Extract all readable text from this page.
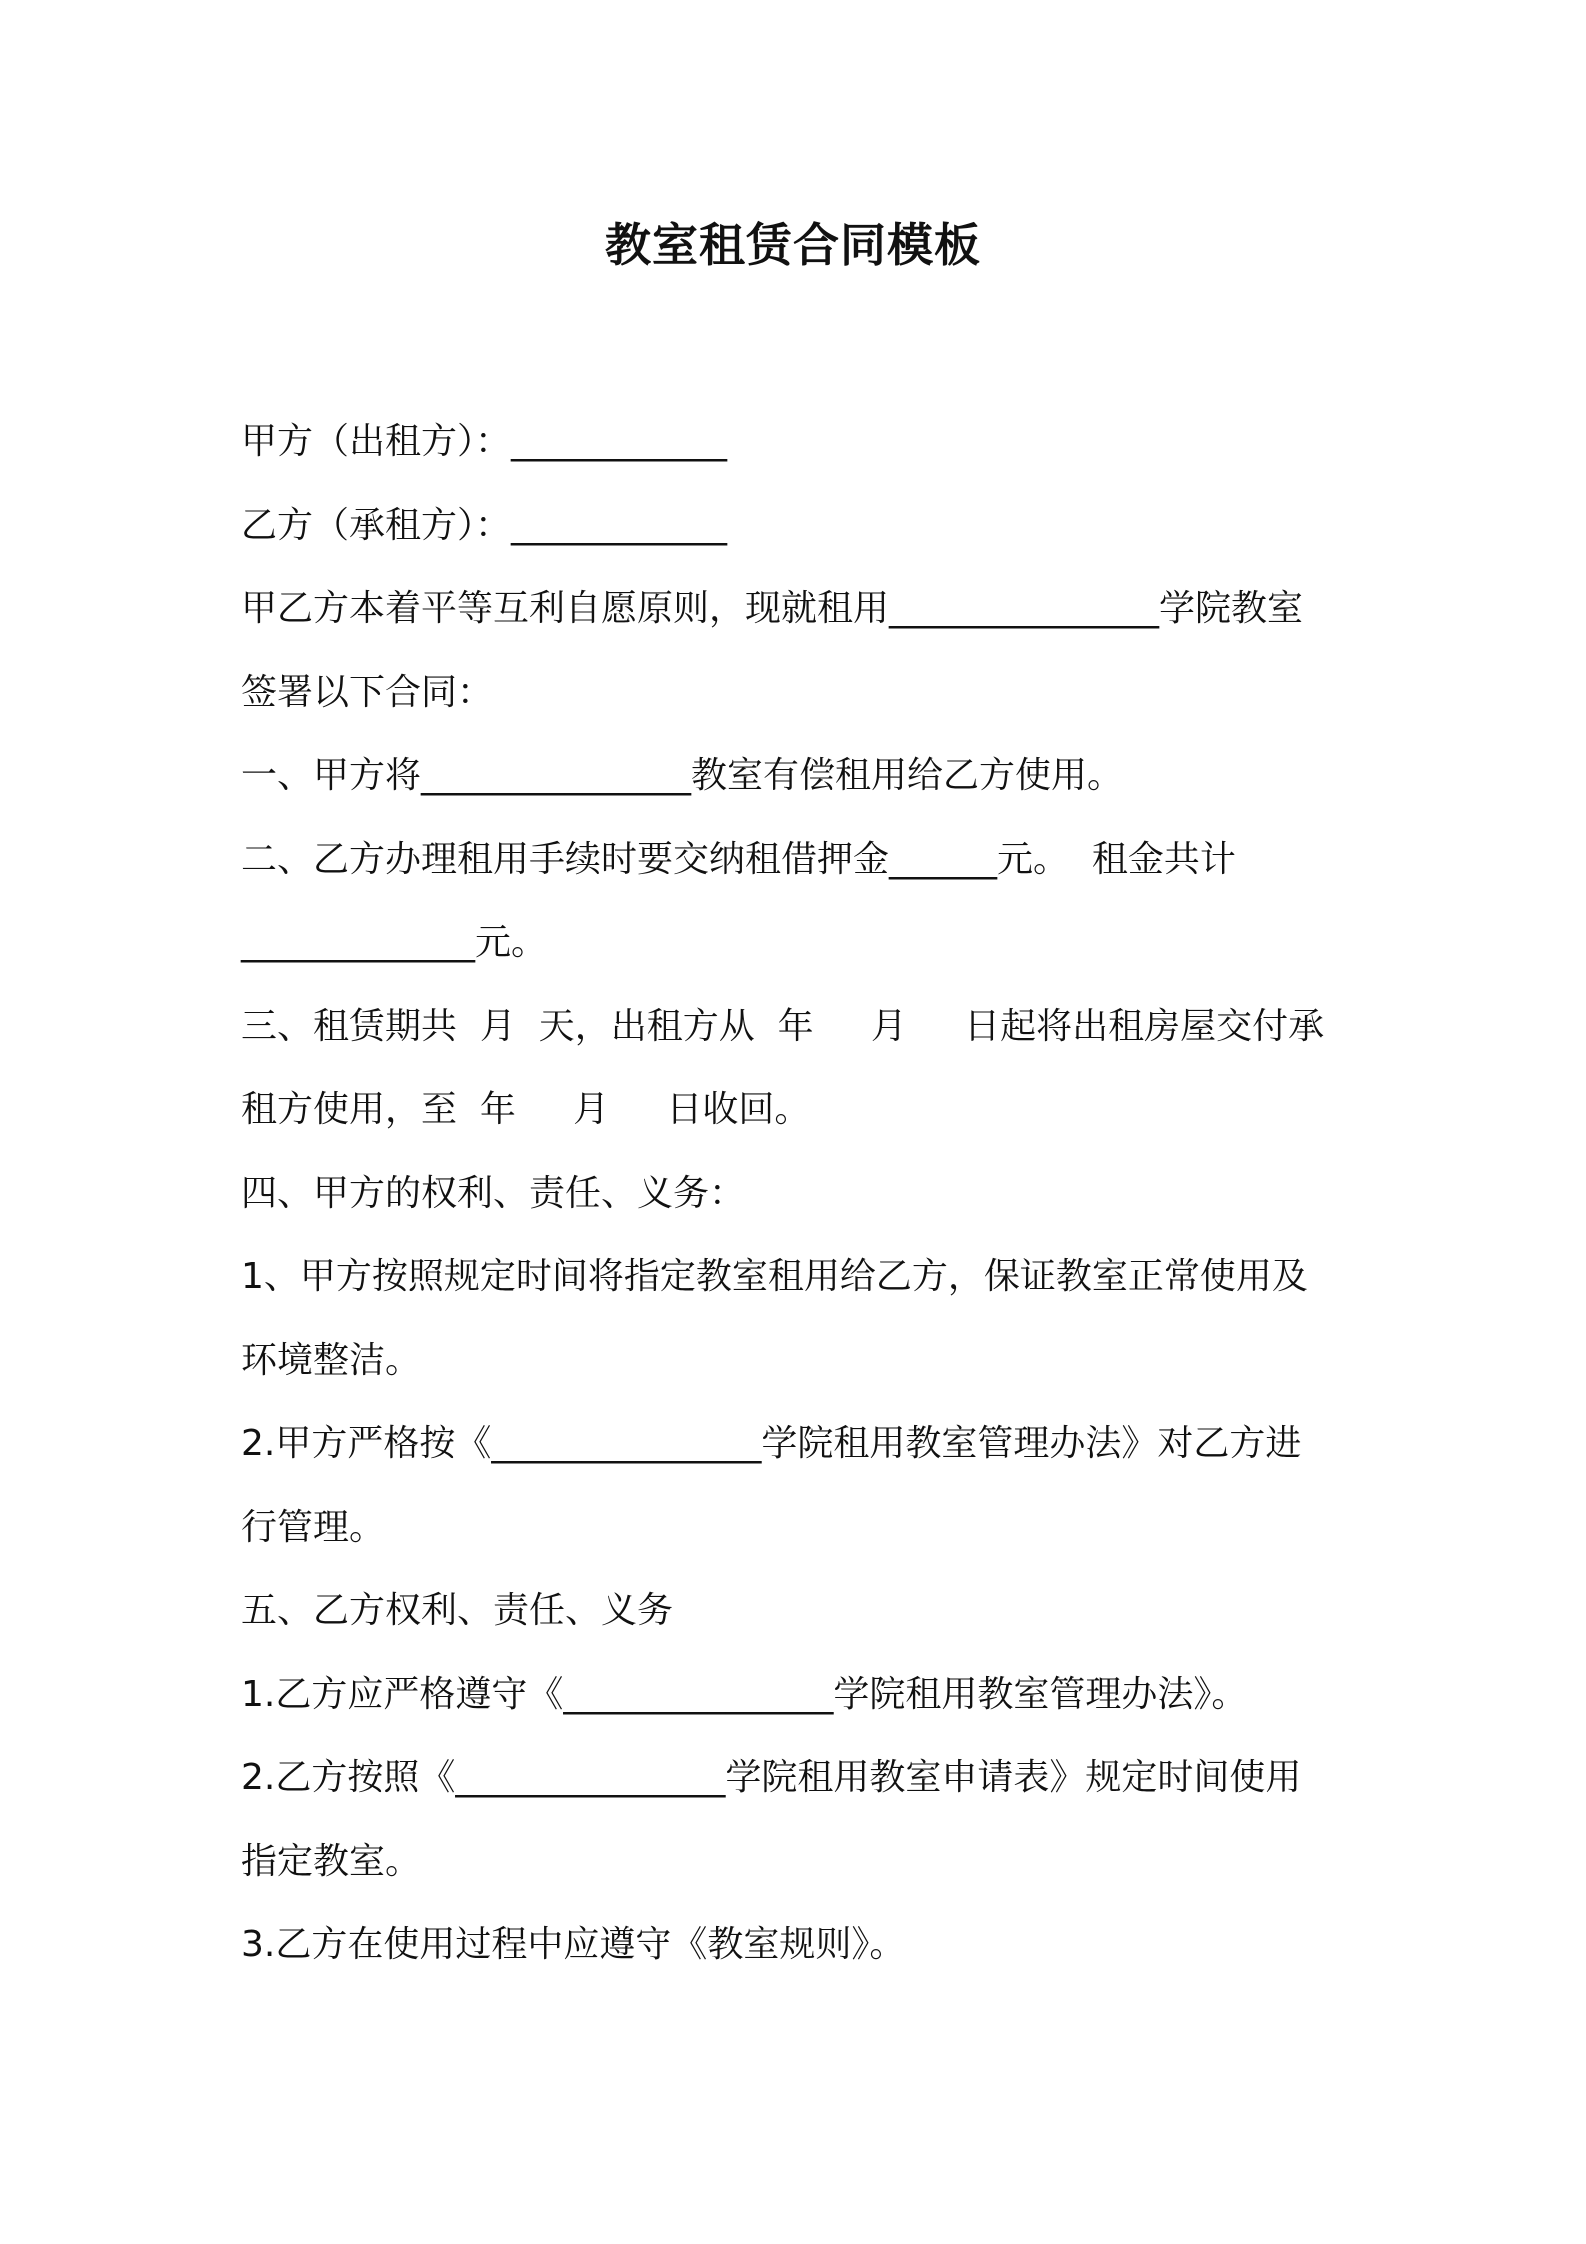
教室租赁合同模板
甲方（出租方）：____________
乙方（承租方）：____________
甲乙方本着平等互利自愿原则，现就租用_______________学院教室
签署以下合同：
一、甲方将_______________教室有偿租用给乙方使用。
二、乙方办理租用手续时要交纳租借押金______元。  租金共计
_____________元。
三、租赁期共  月  天，出租方从  年     月     日起将出租房屋交付承
租方使用，至  年     月     日收回。
四、甲方的权利、责任、义务：
1、甲方按照规定时间将指定教室租用给乙方，保证教室正常使用及
环境整洁。
2.甲方严格按《_______________学院租用教室管理办法》对乙方进
行管理。
五、乙方权利、责任、义务
1.乙方应严格遵守《_______________学院租用教室管理办法》。
2.乙方按照《_______________学院租用教室申请表》规定时间使用
指定教室。
3.乙方在使用过程中应遵守《教室规则》。
